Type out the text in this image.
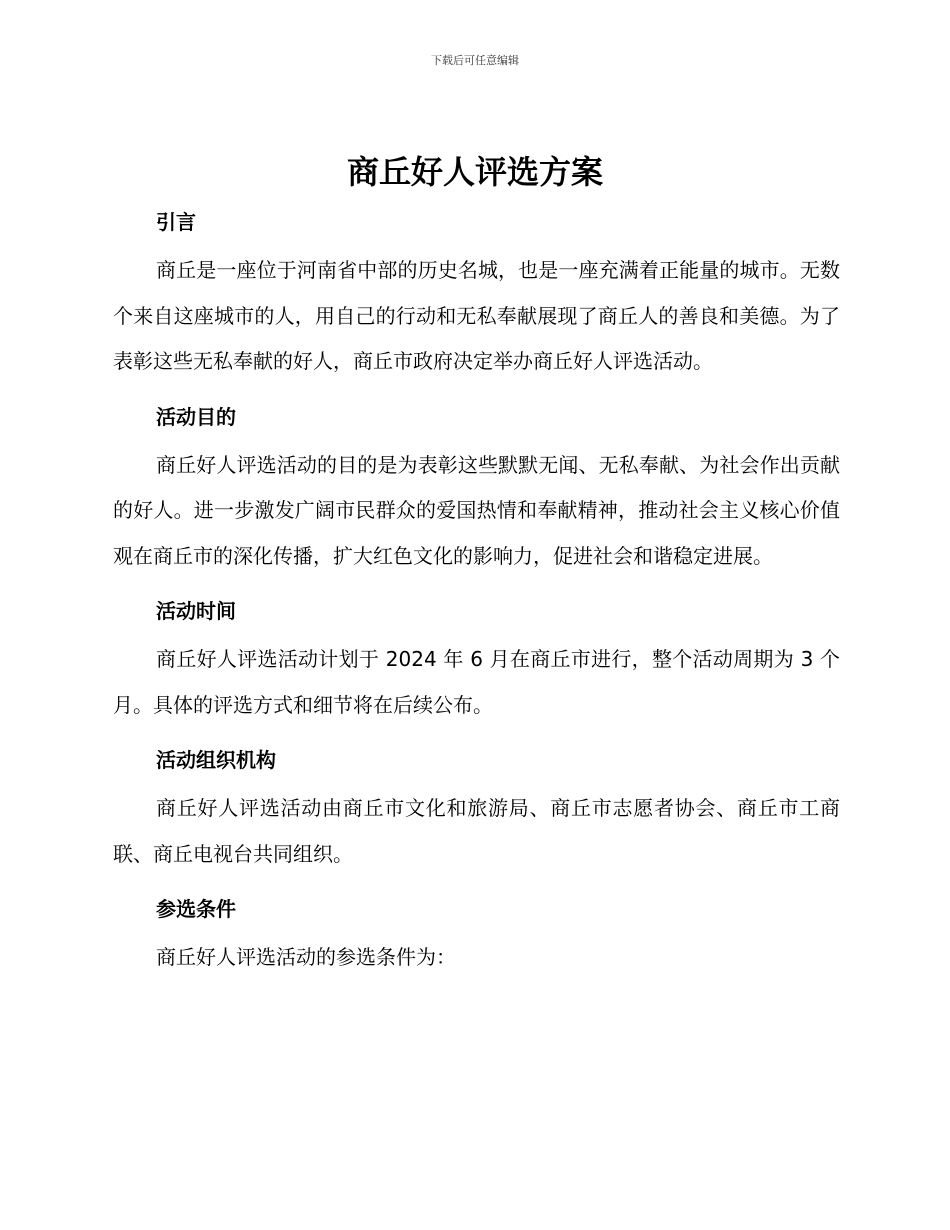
下载后可任意编辑
商丘好人评选方案
引言

商丘是一座位于河南省中部的历史名城，也是一座充满着正能量的城市。无数个来自这座城市的人，用自己的行动和无私奉献展现了商丘人的善良和美德。为了表彰这些无私奉献的好人，商丘市政府决定举办商丘好人评选活动。

活动目的

商丘好人评选活动的目的是为表彰这些默默无闻、无私奉献、为社会作出贡献的好人。进一步激发广阔市民群众的爱国热情和奉献精神，推动社会主义核心价值观在商丘市的深化传播，扩大红色文化的影响力，促进社会和谐稳定进展。

活动时间

商丘好人评选活动计划于 2024 年 6 月在商丘市进行，整个活动周期为 3 个月。具体的评选方式和细节将在后续公布。

活动组织机构

商丘好人评选活动由商丘市文化和旅游局、商丘市志愿者协会、商丘市工商联、商丘电视台共同组织。

参选条件

商丘好人评选活动的参选条件为：
